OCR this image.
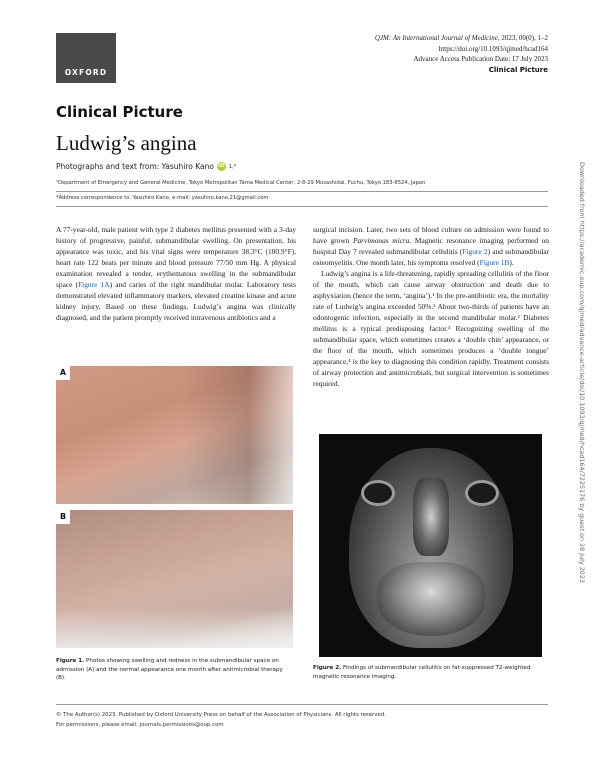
OXFORD
QJM: An International Journal of Medicine, 2023, 00(0), 1–2
https://doi.org/10.1093/qjmed/hcad164
Advance Access Publication Date: 17 July 2023
Clinical Picture
Clinical Picture
Ludwig’s angina
Photographs and text from: Yasuhiro Kano iD 1,*
¹Department of Emergency and General Medicine, Tokyo Metropolitan Tama Medical Center, 2-8-29 Musashidai, Fuchu, Tokyo 183-8524, Japan
*Address correspondence to: Yasuhiro Kano, e-mail: yasuhiro.kano.21@gmail.com

A 77-year-old, male patient with type 2 diabetes mellitus presented with a 3-day history of progressive, painful, submandibular swelling. On presentation, his appearance was toxic, and his vital signs were temperature 38.3°C (100.9°F), heart rate 122 beats per minute and blood pressure 77/50 mm Hg. A physical examination revealed a tender, erythematous swelling in the submandibular space (Figure 1A) and caries of the right mandibular molar. Laboratory tests demonstrated elevated inflammatory markers, elevated creatine kinase and acute kidney injury. Based on these findings, Ludwig’s angina was clinically diagnosed, and the patient promptly received intravenous antibiotics and a

surgical incision. Later, two sets of blood culture on admission were found to have grown Parvimonas micra. Magnetic resonance imaging performed on hospital Day 7 revealed submandibular cellulitis (Figure 2) and submandibular osteomyelitis. One month later, his symptoms resolved (Figure 1B).

Ludwig’s angina is a life-threatening, rapidly spreading cellulitis of the floor of the mouth, which can cause airway obstruction and death due to asphyxiation (hence the term, ‘angina’).¹ In the pre-antibiotic era, the mortality rate of Ludwig’s angina exceeded 50%.² About two-thirds of patients have an odontogenic infection, especially in the second mandibular molar.² Diabetes mellitus is a typical predisposing factor.³ Recognizing swelling of the submandibular space, which sometimes creates a ‘double chin’ appearance, or the floor of the mouth, which sometimes produces a ‘double tongue’ appearance,⁴ is the key to diagnosing this condition rapidly. Treatment consists of airway protection and antimicrobials, but surgical intervention is sometimes required.

A
B
Figure 1. Photos showing swelling and redness in the submandibular space on admission (A) and the normal appearance one month after antimicrobial therapy (B).
Figure 2. Findings of submandibular cellulitis on fat-suppressed T2-weighted magnetic resonance imaging.
© The Author(s) 2023. Published by Oxford University Press on behalf of the Association of Physicians. All rights reserved.
For permissions, please email: journals.permissions@oup.com
Downloaded from https://academic.oup.com/qjmed/advance-article/doi/10.1093/qjmed/hcad164/7225176 by guest on 28 July 2023
